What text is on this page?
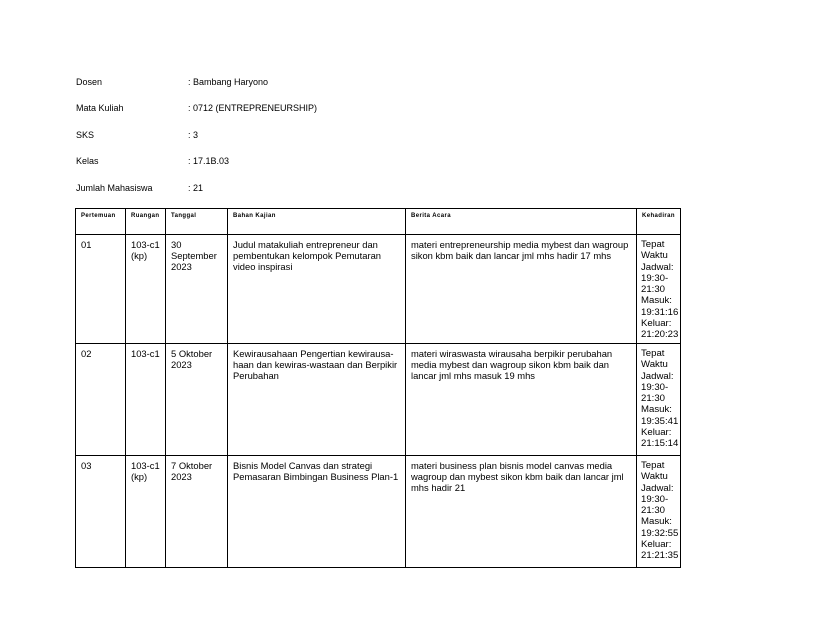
Dosen	: Bambang Haryono
Mata Kuliah	: 0712 (ENTREPRENEURSHIP)
SKS	: 3
Kelas	: 17.1B.03
Jumlah Mahasiswa	: 21
Pertemuan	Ruangan	Tanggal	Bahan Kajian	Berita Acara	Kehadiran
01	103-c1 (kp)	30 September 2023	Judul matakuliah entrepreneur dan pembentukan kelompok Pemutaran video inspirasi	materi entrepreneurship media mybest dan wagroup sikon kbm baik dan lancar jml mhs hadir 17 mhs	Tepat Waktu Jadwal: 19:30-21:30 Masuk: 19:31:16 Keluar: 21:20:23
02	103-c1	5 Oktober 2023	Kewirausahaan Pengertian kewirausa-haan dan kewiras-wastaan dan Berpikir Perubahan	materi wiraswasta wirausaha berpikir perubahan media mybest dan wagroup sikon kbm baik dan lancar jml mhs masuk 19 mhs	Tepat Waktu Jadwal: 19:30-21:30 Masuk: 19:35:41 Keluar: 21:15:14
03	103-c1 (kp)	7 Oktober 2023	Bisnis Model Canvas dan strategi Pemasaran Bimbingan Business Plan-1	materi business plan bisnis model canvas media wagroup dan mybest sikon kbm baik dan lancar jml mhs hadir 21	Tepat Waktu Jadwal: 19:30-21:30 Masuk: 19:32:55 Keluar: 21:21:35
